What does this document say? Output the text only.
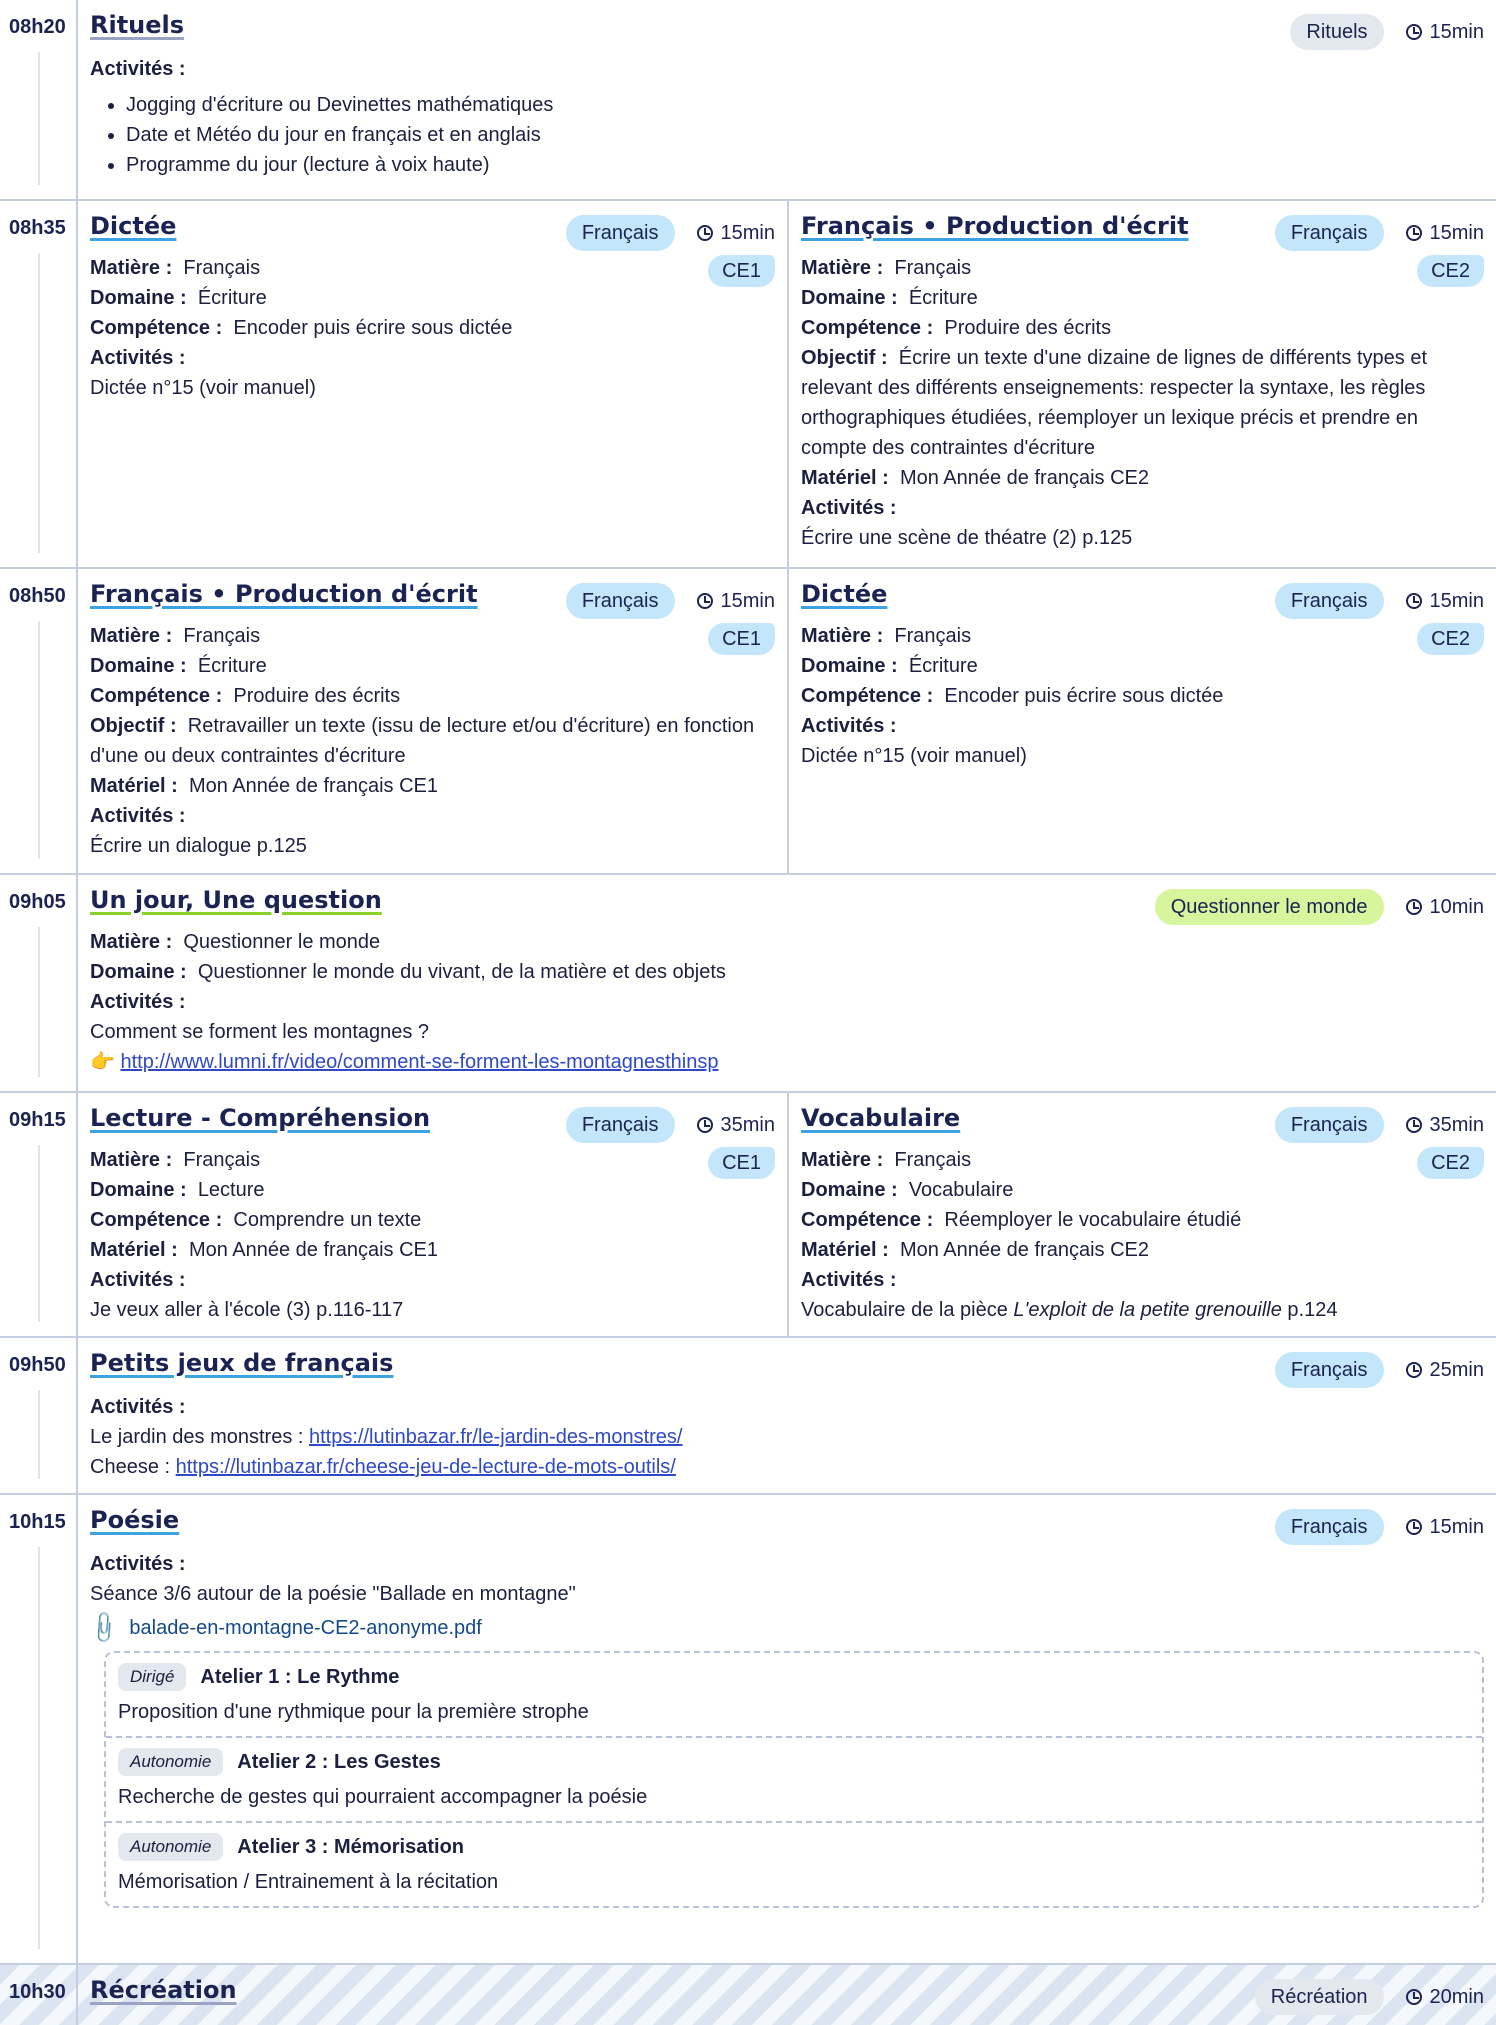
08h20	Rituels	Rituels	15min

Activités :

• Jogging d'écriture ou Devinettes mathématiques
• Date et Météo du jour en français et en anglais
• Programme du jour (lecture à voix haute)
08h35	Dictée	Français	15min
CE1

Matière : Français

Domaine : Écriture

Compétence : Encoder puis écrire sous dictée

Activités :

Dictée n°15 (voir manuel)

Français • Production d'écrit	Français	15min
CE2

Matière : Français

Domaine : Écriture

Compétence : Produire des écrits

Objectif : Écrire un texte d'une dizaine de lignes de différents types et relevant des différents enseignements: respecter la syntaxe, les règles orthographiques étudiées, réemployer un lexique précis et prendre en compte des contraintes d'écriture

Matériel : Mon Année de français CE2

Activités :

Écrire une scène de théatre (2) p.125

08h50	Français • Production d'écrit	Français	15min
CE1

Matière : Français

Domaine : Écriture

Compétence : Produire des écrits

Objectif : Retravailler un texte (issu de lecture et/ou d'écriture) en fonction d'une ou deux contraintes d'écriture

Matériel : Mon Année de français CE1

Activités :

Écrire un dialogue p.125

Dictée	Français	15min
CE2

Matière : Français

Domaine : Écriture

Compétence : Encoder puis écrire sous dictée

Activités :

Dictée n°15 (voir manuel)

09h05	Un jour, Une question	Questionner le monde	10min

Matière : Questionner le monde

Domaine : Questionner le monde du vivant, de la matière et des objets

Activités :

Comment se forment les montagnes ?

👉 http://www.lumni.fr/video/comment-se-forment-les-montagnesthinsp

09h15	Lecture - Compréhension	Français	35min
CE1

Matière : Français

Domaine : Lecture

Compétence : Comprendre un texte

Matériel : Mon Année de français CE1

Activités :

Je veux aller à l'école (3) p.116-117

Vocabulaire	Français	35min
CE2

Matière : Français

Domaine : Vocabulaire

Compétence : Réemployer le vocabulaire étudié

Matériel : Mon Année de français CE2

Activités :

Vocabulaire de la pièce L'exploit de la petite grenouille p.124

09h50	Petits jeux de français	Français	25min

Activités :

Le jardin des monstres : https://lutinbazar.fr/le-jardin-des-monstres/

Cheese : https://lutinbazar.fr/cheese-jeu-de-lecture-de-mots-outils/

10h15	Poésie	Français	15min

Activités :

Séance 3/6 autour de la poésie "Ballade en montagne"

📎 balade-en-montagne-CE2-anonyme.pdf
Dirigé	Atelier 1 : Le Rythme
Proposition d'une rythmique pour la première strophe
Autonomie	Atelier 2 : Les Gestes
Recherche de gestes qui pourraient accompagner la poésie
Autonomie	Atelier 3 : Mémorisation
Mémorisation / Entrainement à la récitation
10h30	Récréation	Récréation	20min
